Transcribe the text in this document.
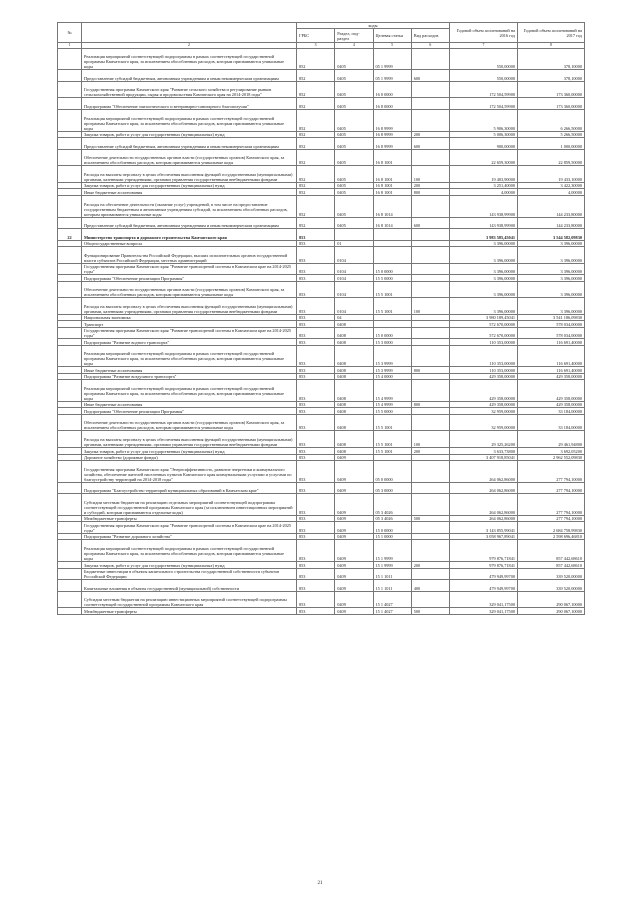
№		коды				Годовой объем ассигнований на 2016 год	Годовой объем ассигнований на 2017 год
		ГРБС	Раздел, под-раздел	Целевая статья	Вид расходов		
1	2	3	4	5	6	7	8
	Реализация мероприятий соответствующей подпрограммы в рамках соответствующей государственной программы Камчатского края, за исключением обособленных расходов, которым присваиваются уникальные коды	852	0405	05 1 9999		550,00000	378,10000
	Предоставление субсидий бюджетным, автономным учреждениям и иным некоммерческим организациям	852	0405	05 1 9999	600	550,00000	378,10000
	Государственная программа Камчатского края "Развитие сельского хозяйства и регулирование рынков сельскохозяйственной продукции, сырья и продовольствия Камчатского края на 2014-2018 годы"	852	0405	16 0 0000		172 504,59900	173 360,00000
	Подпрограмма "Обеспечение эпизоотического и ветеринарно-санитарного благополучия"	852	0405	16 8 0000		172 504,59900	173 360,00000
	Реализация мероприятий соответствующей подпрограммы в рамках соответствующей государственной программы Камчатского края, за исключением обособленных расходов, которым присваиваются уникальные коды	852	0405	16 8 9999		5 906,30000	6 266,50000
	Закупка товаров, работ и услуг для государственных (муниципальных) нужд	852	0405	16 8 9999	200	5 006,30000	5 266,50000
	Предоставление субсидий бюджетным, автономным учреждениям и иным некоммерческим организациям	852	0405	16 8 9999	600	900,00000	1 000,00000
	Обеспечение деятельности государственных органов власти (государственных органов) Камчатского края, за исключением обособленных расходов, которым присваиваются уникальные коды	852	0405	16 8 1001		22 659,30000	22 859,50000
	Расходы на выплаты персоналу в целях обеспечения выполнения функций государственными (муниципальными) органами, казенными учреждениями, органами управления государственными внебюджетными фондами	852	0405	16 8 1001	100	19 403,90000	19 433,10000
	Закупка товаров, работ и услуг для государственных (муниципальных) нужд	852	0405	16 8 1001	200	3 251,40000	3 422,30000
	Иные бюджетные ассигнования	852	0405	16 8 1001	800	4,00000	4,00000
	Расходы на обеспечение деятельности (оказание услуг) учреждений, в том числе на предоставление государственным бюджетным и автономным учреждениям субсидий, за исключением обособленных расходов, которым присваиваются уникальные коды	852	0405	16 8 1014		143 938,99900	144 233,80000
	Предоставление субсидий бюджетным, автономным учреждениям и иным некоммерческим организациям	852	0405	16 8 1014	600	143 938,99900	144 233,80000
22	Министерство транспорта и дорожного строительства Камчатского края	853				3 983 585,45041	3 544 582,09830
	Общегосударственные вопросы	853	01			3 396,00000	3 396,00000
	Функционирование Правительства Российской Федерации, высших исполнительных органов государственной власти субъектов Российской Федерации, местных администраций	853	0104			3 396,00000	3 396,00000
	Государственная программа Камчатского края "Развитие транспортной системы в Камчатском крае на 2014-2025 годы"	853	0104	15 0 0000		3 396,00000	3 396,00000
	Подпрограмма "Обеспечение реализации Программы"	853	0104	15 5 0000		3 396,00000	3 396,00000
	Обеспечение деятельности государственных органов власти (государственных органов) Камчатского края, за исключением обособленных расходов, которым присваиваются уникальные коды	853	0104	15 5 1001		3 396,00000	3 396,00000
	Расходы на выплаты персоналу в целях обеспечения выполнения функций государственными (муниципальными) органами, казенными учреждениями, органами управления государственными внебюджетными фондами	853	0104	15 5 1001	100	3 396,00000	3 396,00000
	Национальная экономика	853	04			3 980 189,45041	3 541 186,09830
	Транспорт	853	0408			572 670,00000	578 034,00000
	Государственная программа Камчатского края "Развитие транспортной системы в Камчатском крае на 2014-2025 годы"	853	0408	15 0 0000		572 670,00000	578 034,00000
	Подпрограмма "Развитие водного транспорта"	853	0408	15 3 0000		110 353,00000	116 691,40000
	Реализация мероприятий соответствующей подпрограммы в рамках соответствующей государственной программы Камчатского края, за исключением обособленных расходов, которым присваиваются уникальные коды	853	0408	15 3 9999		110 353,00000	116 691,40000
	Иные бюджетные ассигнования	853	0408	15 3 9999	800	110 353,00000	116 691,40000
	Подпрограмма "Развитие воздушного транспорта"	853	0408	15 4 0000		429 358,00000	429 358,00000
	Реализация мероприятий соответствующей подпрограммы в рамках соответствующей государственной программы Камчатского края, за исключением обособленных расходов, которым присваиваются уникальные коды	853	0408	15 4 9999		429 358,00000	429 358,00000
	Иные бюджетные ассигнования	853	0408	15 4 9999	800	429 358,00000	429 358,00000
	Подпрограмма "Обеспечение реализации Программы"	853	0408	15 5 0000		32 959,00000	33 184,00000
	Обеспечение деятельности государственных органов власти (государственных органов) Камчатского края, за исключением обособленных расходов, которым присваиваются уникальные коды	853	0408	15 5 1001		32 959,00000	33 184,00000
	Расходы на выплаты персоналу в целях обеспечения выполнения функций государственными (муниципальными) органами, казенными учреждениями, органами управления государственными внебюджетными фондами	853	0408	15 5 1001	100	29 325,26200	29 461,94800
	Закупка товаров, работ и услуг для государственных (муниципальных) нужд	853	0408	15 5 1001	200	3 633,73800	3 692,05200
	Дорожное хозяйство (дорожные фонды)	853	0409			3 407 918,85041	2 962 552,09830
	Государственная программа Камчатского края "Энергоэффективность, развитие энергетики и коммунального хозяйства, обеспечение жителей населенных пунктов Камчатского края коммунальными услугами и услугами по благоустройству территорий на 2014-2018 годы"	853	0409	05 0 0000		264 062,86000	277 794,10000
	Подпрограмма "Благоустройство территорий муниципальных образований в Камчатском крае"	853	0409	05 3 0000		264 062,86000	277 794,10000
	Субсидии местным бюджетам на реализацию отдельных мероприятий соответствующей подпрограммы соответствующей государственной программы Камчатского края (за исключением инвестиционных мероприятий и субсидий, которым присваиваются отдельные коды)	853	0409	05 3 4026		264 062,86000	277 794,10000
	Межбюджетные трансферты	853	0409	05 3 4026	500	264 062,86000	277 794,10000
	Государственная программа Камчатского края "Развитие транспортной системы в Камчатском крае на 2014-2025 годы"	853	0409	15 0 0000		3 143 855,99041	2 684 758,99830
	Подпрограмма "Развитие дорожного хозяйства"	853	0409	15 1 0000		3 058 967,89041	2 598 696,46810
	Реализация мероприятий соответствующей подпрограммы в рамках соответствующей государственной программы Камчатского края, за исключением обособленных расходов, которым присваиваются уникальные коды	853	0409	15 1 9999		979 876,71841	857 442,68610
	Закупка товаров, работ и услуг для государственных (муниципальных) нужд	853	0409	15 1 9999	200	979 876,71841	857 442,68610
	Бюджетные инвестиции в объекты капитального строительства государственной собственности субъектов Российской Федерации	853	0409	15 1 1011		479 949,99700	339 520,00000
	Капитальные вложения в объекты государственной (муниципальной) собственности	853	0409	15 1 1011	400	479 949,99700	339 520,00000
	Субсидии местным бюджетам на реализацию инвестиционных мероприятий соответствующей подпрограммы соответствующей государственной программы Камчатского края	853	0409	15 1 4027		329 041,17500	290 067,10000
	Межбюджетные трансферты	853	0409	15 1 4027	500	329 041,17500	290 067,10000
21
